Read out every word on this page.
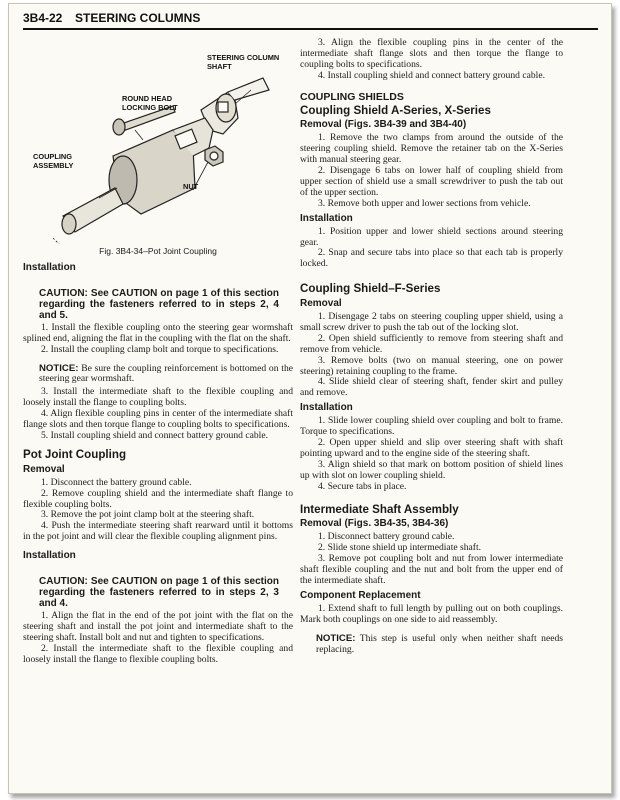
3B4-22 STEERING COLUMNS
STEERING COLUMN
SHAFT
ROUND HEAD
LOCKING BOLT
COUPLING
ASSEMBLY
NUT
Fig. 3B4-34–Pot Joint Coupling
Installation
CAUTION: See CAUTION on page 1 of this section regarding the fasteners referred to in steps 2, 4 and 5.

1. Install the flexible coupling onto the steering gear wormshaft splined end, aligning the flat in the coupling with the flat on the shaft.

2. Install the coupling clamp bolt and torque to specifications.

NOTICE: Be sure the coupling reinforcement is bottomed on the steering gear wormshaft.

3. Install the intermediate shaft to the flexible coupling and loosely install the flange to coupling bolts.

4. Align flexible coupling pins in center of the intermediate shaft flange slots and then torque flange to coupling bolts to specifications.

5. Install coupling shield and connect battery ground cable.

Pot Joint Coupling
Removal

1. Disconnect the battery ground cable.

2. Remove coupling shield and the intermediate shaft flange to flexible coupling bolts.

3. Remove the pot joint clamp bolt at the steering shaft.

4. Push the intermediate steering shaft rearward until it bottoms in the pot joint and will clear the flexible coupling alignment pins.

Installation
CAUTION: See CAUTION on page 1 of this section regarding the fasteners referred to in steps 2, 3 and 4.

1. Align the flat in the end of the pot joint with the flat on the steering shaft and install the pot joint and intermediate shaft to the steering shaft. Install bolt and nut and tighten to specifications.

2. Install the intermediate shaft to the flexible coupling and loosely install the flange to flexible coupling bolts.

3. Align the flexible coupling pins in the center of the intermediate shaft flange slots and then torque the flange to coupling bolts to specifications.

4. Install coupling shield and connect battery ground cable.

COUPLING SHIELDS
Coupling Shield A-Series, X-Series
Removal (Figs. 3B4-39 and 3B4-40)

1. Remove the two clamps from around the outside of the steering coupling shield. Remove the retainer tab on the X-Series with manual steering gear.

2. Disengage 6 tabs on lower half of coupling shield from upper section of shield use a small screwdriver to push the tab out of the upper section.

3. Remove both upper and lower sections from vehicle.

Installation

1. Position upper and lower shield sections around steering gear.

2. Snap and secure tabs into place so that each tab is properly locked.

Coupling Shield–F-Series
Removal

1. Disengage 2 tabs on steering coupling upper shield, using a small screw driver to push the tab out of the locking slot.

2. Open shield sufficiently to remove from steering shaft and remove from vehicle.

3. Remove bolts (two on manual steering, one on power steering) retaining coupling to the frame.

4. Slide shield clear of steering shaft, fender skirt and pulley and remove.

Installation

1. Slide lower coupling shield over coupling and bolt to frame. Torque to specifications.

2. Open upper shield and slip over steering shaft with shaft pointing upward and to the engine side of the steering shaft.

3. Align shield so that mark on bottom position of shield lines up with slot on lower coupling shield.

4. Secure tabs in place.

Intermediate Shaft Assembly
Removal (Figs. 3B4-35, 3B4-36)

1. Disconnect battery ground cable.

2. Slide stone shield up intermediate shaft.

3. Remove pot coupling bolt and nut from lower intermediate shaft flexible coupling and the nut and bolt from the upper end of the intermediate shaft.

Component Replacement

1. Extend shaft to full length by pulling out on both couplings. Mark both couplings on one side to aid reassembly.

NOTICE: This step is useful only when neither shaft needs replacing.
